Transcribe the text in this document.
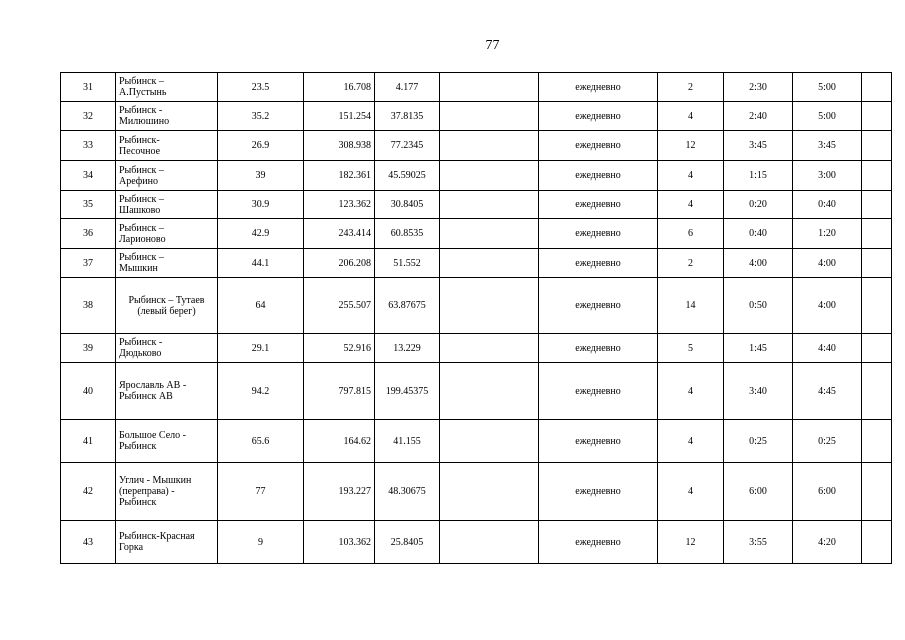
77
31	Рыбинск –
А.Пустынь	23.5	16.708	4.177		ежедневно	2	2:30	5:00	
32	Рыбинск -
Милюшино	35.2	151.254	37.8135		ежедневно	4	2:40	5:00	
33	Рыбинск-
Песочное	26.9	308.938	77.2345		ежедневно	12	3:45	3:45	
34	Рыбинск –
Арефино	39	182.361	45.59025		ежедневно	4	1:15	3:00	
35	Рыбинск –
Шашково	30.9	123.362	30.8405		ежедневно	4	0:20	0:40	
36	Рыбинск –
Ларионово	42.9	243.414	60.8535		ежедневно	6	0:40	1:20	
37	Рыбинск –
Мышкин	44.1	206.208	51.552		ежедневно	2	4:00	4:00	
38	Рыбинск – Тутаев
(левый берег)	64	255.507	63.87675		ежедневно	14	0:50	4:00	
39	Рыбинск -
Дюдьково	29.1	52.916	13.229		ежедневно	5	1:45	4:40	
40	Ярославль АВ -
Рыбинск АВ	94.2	797.815	199.45375		ежедневно	4	3:40	4:45	
41	Большое Село -
Рыбинск	65.6	164.62	41.155		ежедневно	4	0:25	0:25	
42	Углич - Мышкин
(переправа) -
Рыбинск	77	193.227	48.30675		ежедневно	4	6:00	6:00	
43	Рыбинск-Красная
Горка	9	103.362	25.8405		ежедневно	12	3:55	4:20	
